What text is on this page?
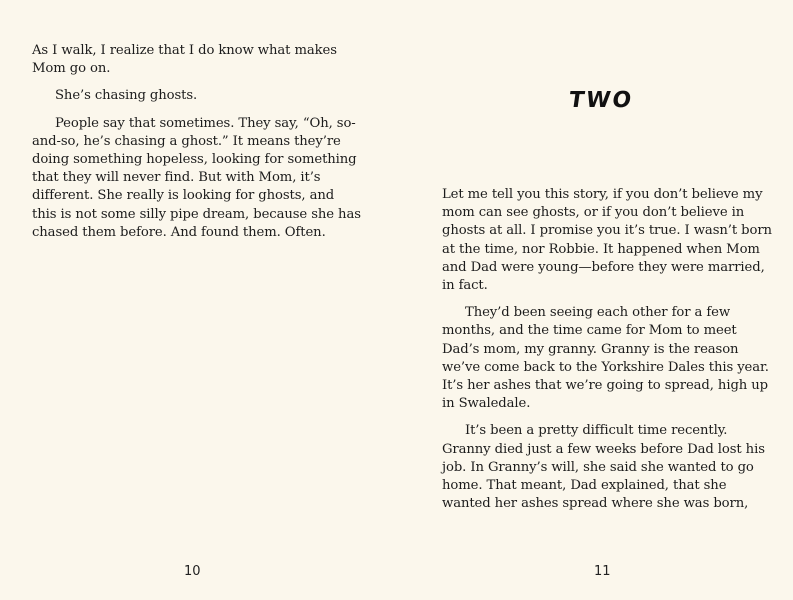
As I walk, I realize that I do know what makes Mom go on.

She’s chasing ghosts.

People say that sometimes. They say, “Oh, so-and-so, he’s chasing a ghost.” It means they’re doing something hopeless, looking for something that they will never find. But with Mom, it’s different. She really is looking for ghosts, and this is not some silly pipe dream, because she has chased them before. And found them. Often.

10
TWO

Let me tell you this story, if you don’t believe my mom can see ghosts, or if you don’t believe in ghosts at all. I promise you it’s true. I wasn’t born at the time, nor Robbie. It happened when Mom and Dad were young—before they were married, in fact.

They’d been seeing each other for a few months, and the time came for Mom to meet Dad’s mom, my granny. Granny is the reason we’ve come back to the Yorkshire Dales this year. It’s her ashes that we’re going to spread, high up in Swaledale.

It’s been a pretty difficult time recently. Granny died just a few weeks before Dad lost his job. In Granny’s will, she said she wanted to go home. That meant, Dad explained, that she wanted her ashes spread where she was born,

11
